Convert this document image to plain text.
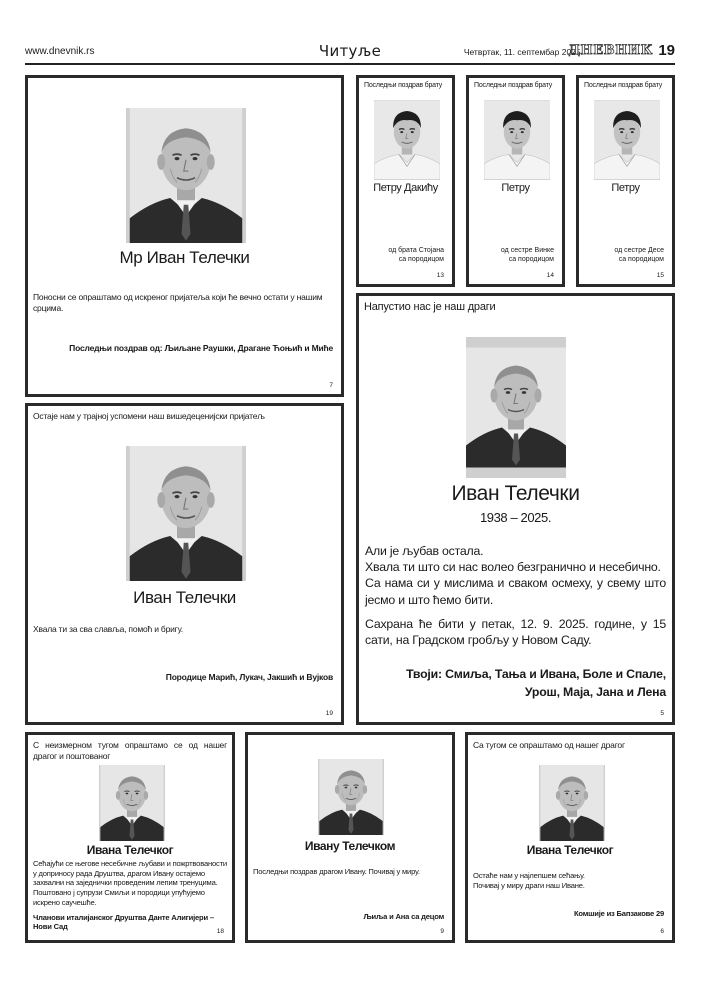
www.dnevnik.rs	Читуље	Четвртак, 11. септембар 2025.
ДНЕВНИК 19
Мр Иван Телечки
Поносни се опраштамо од искреног пријатеља који ће вечно остати у нашим срцима.
Последњи поздрав од: Љиљане Раушки, Драгане Ћоњић и Миће
7
Последњи поздрав брату
Петру Дакићу
од брата Стојана
са породицом
13
Последњи поздрав брату
Петру
од сестре Винке
са породицом
14
Последњи поздрав брату
Петру
од сестре Десе
са породицом
15
Остаје нам у трајној успомени наш вишедеценијски пријатељ
Иван Телечки
Хвала ти за сва славља, помоћ и бригу.
Породице Марић, Лукач, Јакшић и Вујков
19
Напустио нас је наш драги
Иван Телечки
1938 – 2025.
Али је љубав остала.
Хвала ти што си нас волео безгранично и несебично.
Са нама си у мислима и сваком осмеху, у свему што јесмо и што ћемо бити.
Сахрана ће бити у петак, 12. 9. 2025. године, у 15 сати, на Градском гробљу у Новом Саду.
Твоји: Смиља, Тања и Ивана, Боле и Спале,
Урош, Маја, Јана и Лена
5
С неизмерном тугом опраштамо се од нашег драгог и поштованог
Ивана Телечког
Сећајући се његове несебичне љубави и пожртвованости у доприносу рада Друштва, драгом Ивану остајемо захвални на заједнички проведеним лепим тренуцима.
Поштовано ј супрузи Смиљи и породици упућујемо искрено саучешће.
Чланови италијанског Друштва Данте Алигијери – Нови Сад
18
Ивану Телечком
Последњи поздрав драгом Ивану. Почивај у миру.
Љиља и Ана са децом
9
Са тугом се опраштамо од нашег драгог
Ивана Телечког
Остаће нам у најлепшем сећању.
Почивај у миру драги наш Иване.
Комшије из Бапзакове 29
6
